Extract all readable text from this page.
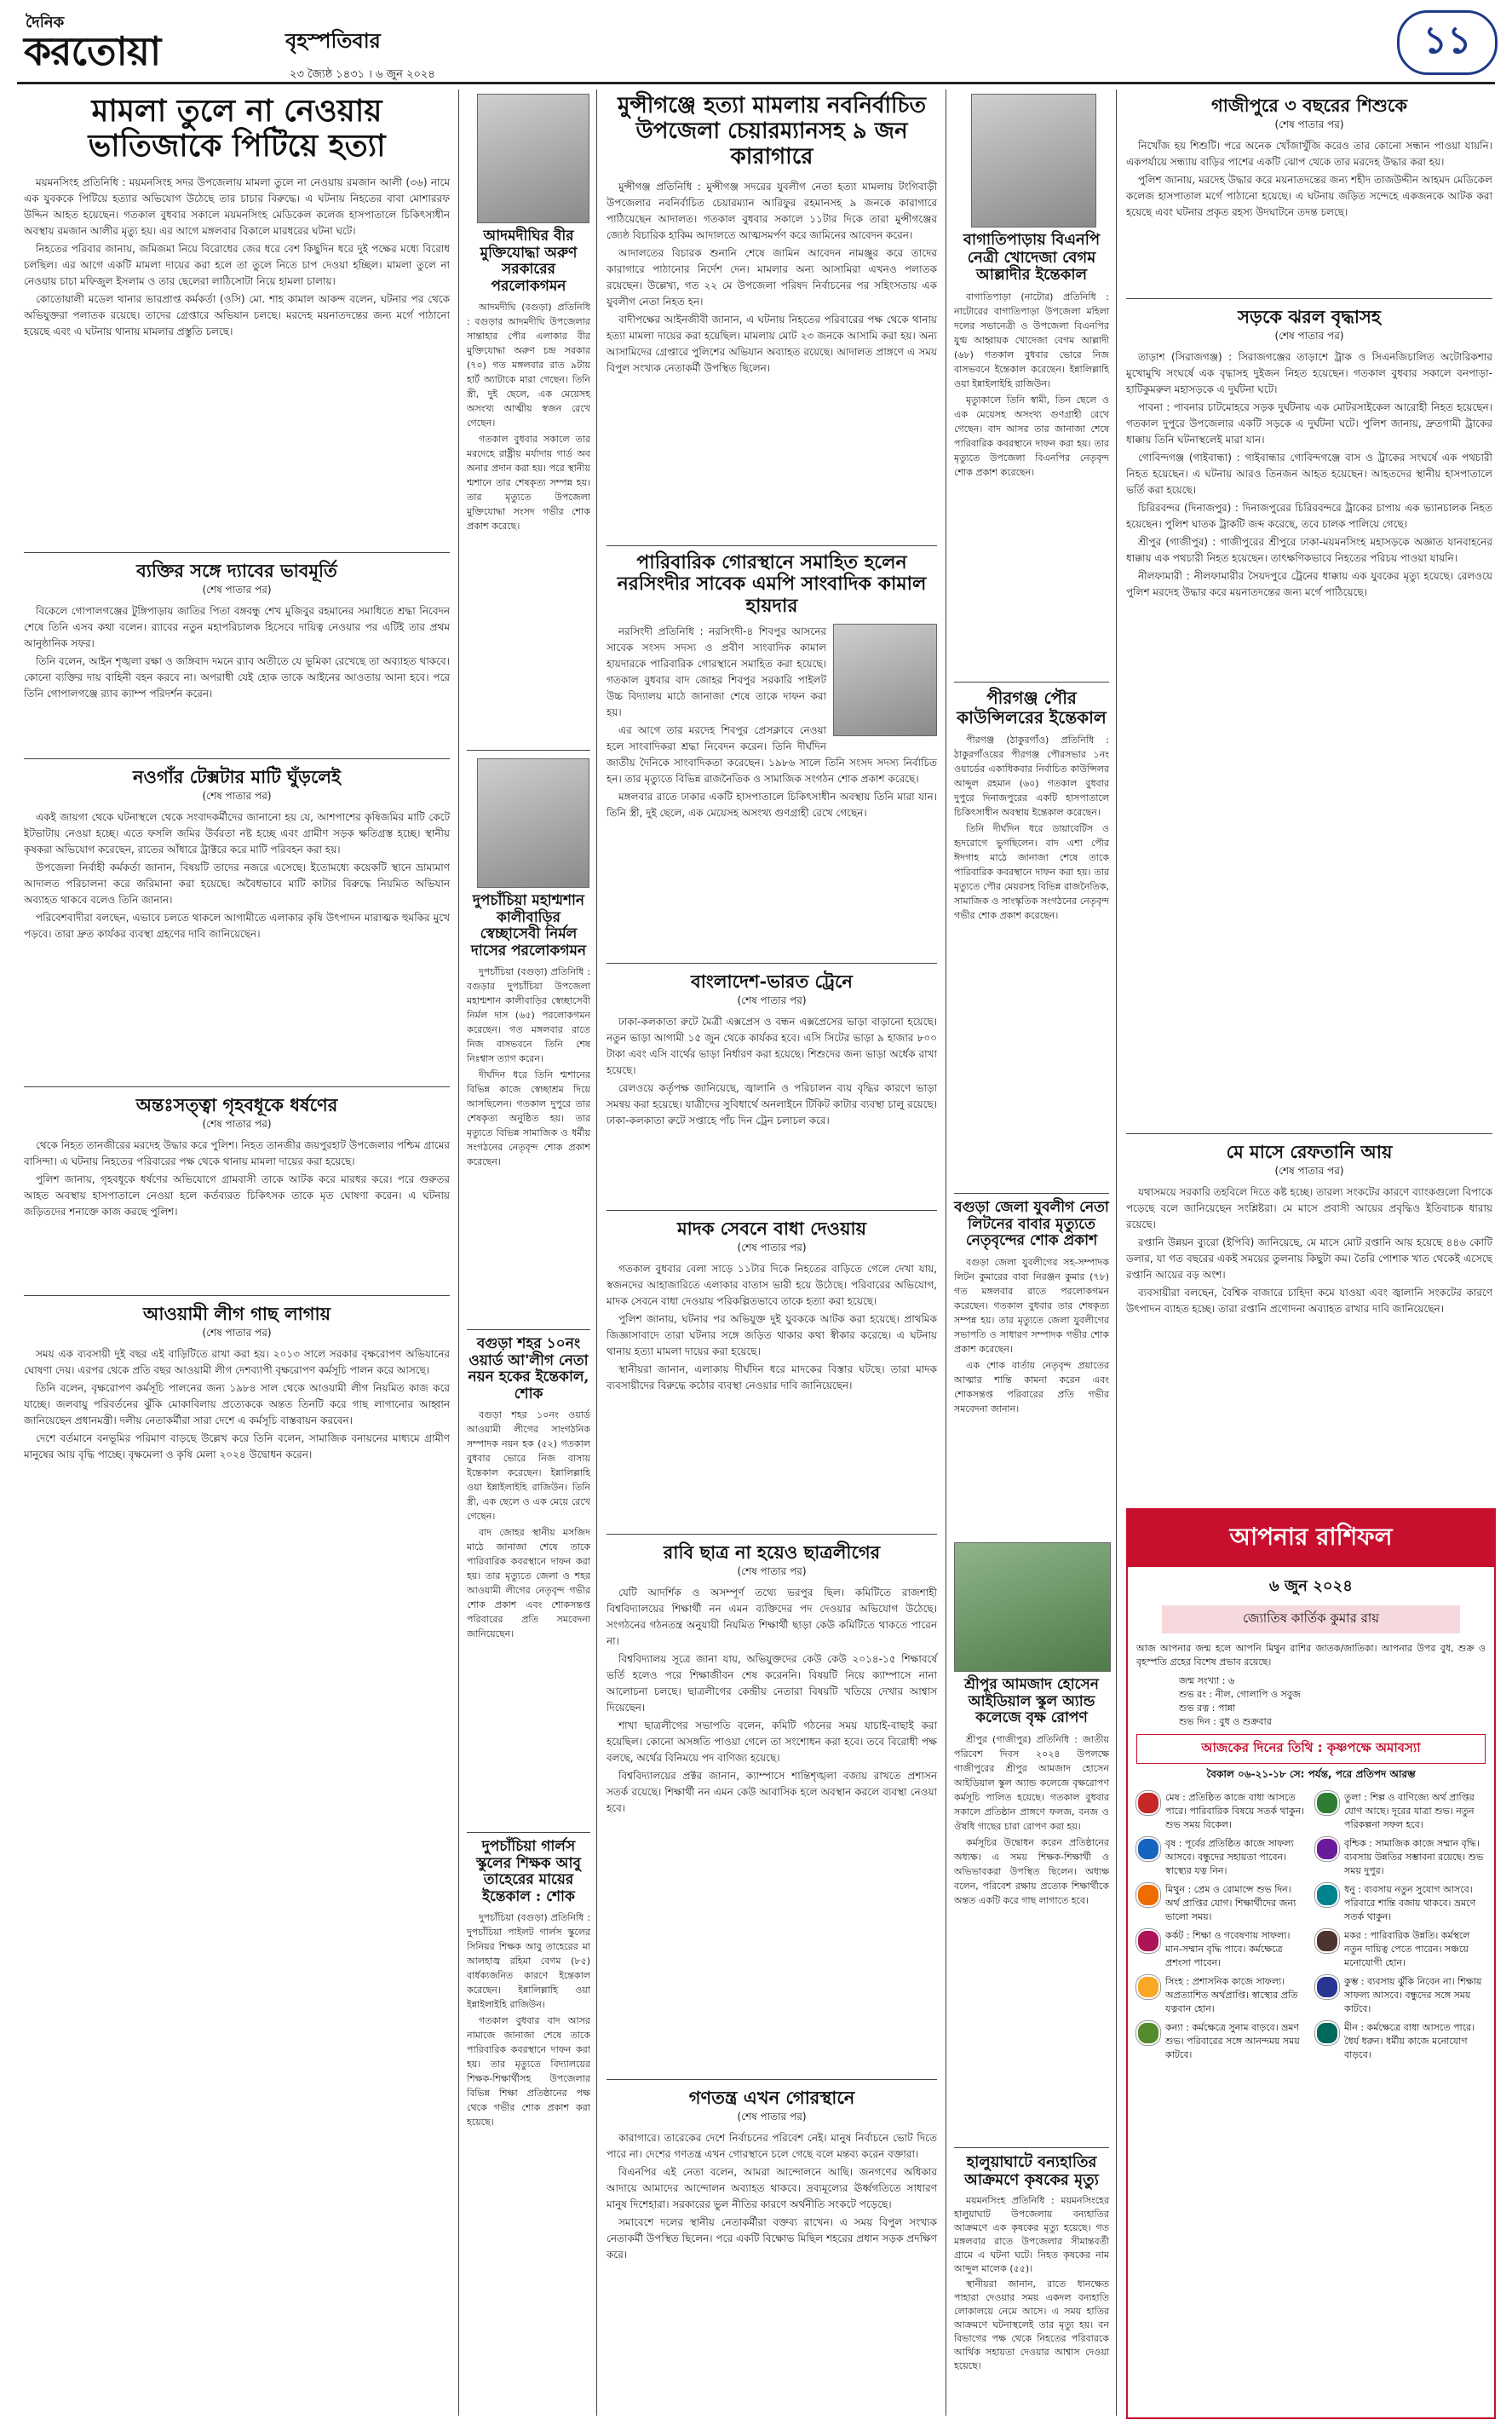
দৈনিক
করতোয়া	বৃহস্পতিবার
২৩ জ্যৈষ্ঠ ১৪৩১ । ৬ জুন ২০২৪
১১
মামলা তুলে না নেওয়ায় ভাতিজাকে পিটিয়ে হত্যা

ময়মনসিংহ প্রতিনিধি : ময়মনসিংহ সদর উপজেলায় মামলা তুলে না নেওয়ায় রমজান আলী (৩৬) নামে এক যুবককে পিটিয়ে হত্যার অভিযোগ উঠেছে তার চাচার বিরুদ্ধে। এ ঘটনায় নিহতের বাবা মোশাররফ উদ্দিন আহত হয়েছেন। গতকাল বুধবার সকালে ময়মনসিংহ মেডিকেল কলেজ হাসপাতালে চিকিৎসাধীন অবস্থায় রমজান আলীর মৃত্যু হয়। এর আগে মঙ্গলবার বিকালে মারধরের ঘটনা ঘটে।

নিহতের পরিবার জানায়, জমিজমা নিয়ে বিরোধের জের ধরে বেশ কিছুদিন ধরে দুই পক্ষের মধ্যে বিরোধ চলছিল। এর আগে একটি মামলা দায়ের করা হলে তা তুলে নিতে চাপ দেওয়া হচ্ছিল। মামলা তুলে না নেওয়ায় চাচা মফিজুল ইসলাম ও তার ছেলেরা লাঠিসোটা নিয়ে হামলা চালায়।

কোতোয়ালী মডেল থানার ভারপ্রাপ্ত কর্মকর্তা (ওসি) মো. শাহ কামাল আকন্দ বলেন, ঘটনার পর থেকে অভিযুক্তরা পলাতক রয়েছে। তাদের গ্রেপ্তারে অভিযান চলছে। মরদেহ ময়নাতদন্তের জন্য মর্গে পাঠানো হয়েছে এবং এ ঘটনায় থানায় মামলার প্রস্তুতি চলছে।

ব্যক্তির সঙ্গে দ্যাবের ভাবমূর্তি
(শেষ পাতার পর)

বিকেলে গোপালগঞ্জের টুঙ্গিপাড়ায় জাতির পিতা বঙ্গবন্ধু শেখ মুজিবুর রহমানের সমাধিতে শ্রদ্ধা নিবেদন শেষে তিনি এসব কথা বলেন। র‍্যাবের নতুন মহাপরিচালক হিসেবে দায়িত্ব নেওয়ার পর এটিই তার প্রথম আনুষ্ঠানিক সফর।

তিনি বলেন, আইন শৃঙ্খলা রক্ষা ও জঙ্গিবাদ দমনে র‍্যাব অতীতে যে ভূমিকা রেখেছে তা অব্যাহত থাকবে। কোনো ব্যক্তির দায় বাহিনী বহন করবে না। অপরাধী যেই হোক তাকে আইনের আওতায় আনা হবে। পরে তিনি গোপালগঞ্জে র‍্যাব ক্যাম্প পরিদর্শন করেন।

নওগাঁর টেক্সটার মাটি ঘুঁড়লেই
(শেষ পাতার পর)

একই জায়গা থেকে ঘটনাস্থলে থেকে সংবাদকর্মীদের জানানো হয় যে, আশপাশের কৃষিজমির মাটি কেটে ইটভাটায় নেওয়া হচ্ছে। এতে ফসলি জমির উর্বরতা নষ্ট হচ্ছে এবং গ্রামীণ সড়ক ক্ষতিগ্রস্ত হচ্ছে। স্থানীয় কৃষকরা অভিযোগ করেছেন, রাতের আঁধারে ট্রাক্টরে করে মাটি পরিবহন করা হয়।

উপজেলা নির্বাহী কর্মকর্তা জানান, বিষয়টি তাদের নজরে এসেছে। ইতোমধ্যে কয়েকটি স্থানে ভ্রাম্যমাণ আদালত পরিচালনা করে জরিমানা করা হয়েছে। অবৈধভাবে মাটি কাটার বিরুদ্ধে নিয়মিত অভিযান অব্যাহত থাকবে বলেও তিনি জানান।

পরিবেশবাদীরা বলছেন, এভাবে চলতে থাকলে আগামীতে এলাকার কৃষি উৎপাদন মারাত্মক হুমকির মুখে পড়বে। তারা দ্রুত কার্যকর ব্যবস্থা গ্রহণের দাবি জানিয়েছেন।

অন্তঃসত্ত্বা গৃহবধূকে ধর্ষণের
(শেষ পাতার পর)

থেকে নিহত তানজীরের মরদেহ উদ্ধার করে পুলিশ। নিহত তানজীর জয়পুরহাট উপজেলার পশ্চিম গ্রামের বাসিন্দা। এ ঘটনায় নিহতের পরিবারের পক্ষ থেকে থানায় মামলা দায়ের করা হয়েছে।

পুলিশ জানায়, গৃহবধূকে ধর্ষণের অভিযোগে গ্রামবাসী তাকে আটক করে মারধর করে। পরে গুরুতর আহত অবস্থায় হাসপাতালে নেওয়া হলে কর্তব্যরত চিকিৎসক তাকে মৃত ঘোষণা করেন। এ ঘটনায় জড়িতদের শনাক্তে কাজ করছে পুলিশ।

আওয়ামী লীগ গাছ লাগায়
(শেষ পাতার পর)

সময় এক ব্যবসায়ী দুই বছর এই বাড়িটিতে রাখা করা হয়। ২০১৩ সালে সরকার বৃক্ষরোপণ অভিযানের ঘোষণা দেয়। এরপর থেকে প্রতি বছর আওয়ামী লীগ দেশব্যাপী বৃক্ষরোপণ কর্মসূচি পালন করে আসছে।

তিনি বলেন, বৃক্ষরোপণ কর্মসূচি পালনের জন্য ১৯৮৪ সাল থেকে আওয়ামী লীগ নিয়মিত কাজ করে যাচ্ছে। জলবায়ু পরিবর্তনের ঝুঁকি মোকাবিলায় প্রত্যেককে অন্তত তিনটি করে গাছ লাগানোর আহ্বান জানিয়েছেন প্রধানমন্ত্রী। দলীয় নেতাকর্মীরা সারা দেশে এ কর্মসূচি বাস্তবায়ন করবেন।

দেশে বর্তমানে বনভূমির পরিমাণ বাড়ছে উল্লেখ করে তিনি বলেন, সামাজিক বনায়নের মাধ্যমে গ্রামীণ মানুষের আয় বৃদ্ধি পাচ্ছে। বৃক্ষমেলা ও কৃষি মেলা ২০২৪ উদ্বোধন করেন।

আদমদীঘির বীর মুক্তিযোদ্ধা অরুণ সরকারের পরলোকগমন

আদমদীঘি (বগুড়া) প্রতিনিধি : বগুড়ার আদমদীঘি উপজেলার সান্তাহার পৌর এলাকার বীর মুক্তিযোদ্ধা অরুণ চন্দ্র সরকার (৭০) গত মঙ্গলবার রাত ৯টায় হার্ট অ্যাটাকে মারা গেছেন। তিনি স্ত্রী, দুই ছেলে, এক মেয়েসহ অসংখ্য আত্মীয় স্বজন রেখে গেছেন।

গতকাল বুধবার সকালে তার মরদেহে রাষ্ট্রীয় মর্যাদায় গার্ড অব অনার প্রদান করা হয়। পরে স্থানীয় শ্মশানে তার শেষকৃত্য সম্পন্ন হয়। তার মৃত্যুতে উপজেলা মুক্তিযোদ্ধা সংসদ গভীর শোক প্রকাশ করেছে।

দুপচাঁচিয়া মহাশ্মশান কালীবাড়ির স্বেচ্ছাসেবী নির্মল দাসের পরলোকগমন

দুপচাঁচিয়া (বগুড়া) প্রতিনিধি : বগুড়ার দুপচাঁচিয়া উপজেলা মহাশ্মশান কালীবাড়ির স্বেচ্ছাসেবী নির্মল দাস (৬৫) পরলোকগমন করেছেন। গত মঙ্গলবার রাতে নিজ বাসভবনে তিনি শেষ নিঃশ্বাস ত্যাগ করেন।

দীর্ঘদিন ধরে তিনি শ্মশানের বিভিন্ন কাজে স্বেচ্ছাশ্রম দিয়ে আসছিলেন। গতকাল দুপুরে তার শেষকৃত্য অনুষ্ঠিত হয়। তার মৃত্যুতে বিভিন্ন সামাজিক ও ধর্মীয় সংগঠনের নেতৃবৃন্দ শোক প্রকাশ করেছেন।

বগুড়া শহর ১০নং ওয়ার্ড আ'লীগ নেতা নয়ন হকের ইন্তেকাল, শোক

বগুড়া শহর ১০নং ওয়ার্ড আওয়ামী লীগের সাংগঠনিক সম্পাদক নয়ন হক (৫২) গতকাল বুধবার ভোরে নিজ বাসায় ইন্তেকাল করেছেন। ইন্নালিল্লাহি ওয়া ইন্নাইলাইহি রাজিউন। তিনি স্ত্রী, এক ছেলে ও এক মেয়ে রেখে গেছেন।

বাদ জোহর স্থানীয় মসজিদ মাঠে জানাজা শেষে তাকে পারিবারিক কবরস্থানে দাফন করা হয়। তার মৃত্যুতে জেলা ও শহর আওয়ামী লীগের নেতৃবৃন্দ গভীর শোক প্রকাশ এবং শোকসন্তপ্ত পরিবারের প্রতি সমবেদনা জানিয়েছেন।

দুপচাঁচিয়া গার্লস স্কুলের শিক্ষক আবু তাহেরের মায়ের ইন্তেকাল : শোক

দুপচাঁচিয়া (বগুড়া) প্রতিনিধি : দুপচাঁচিয়া পাইলট গার্লস স্কুলের সিনিয়র শিক্ষক আবু তাহেরের মা আলহাজ্ব রহিমা বেগম (৮৫) বার্ধক্যজনিত কারণে ইন্তেকাল করেছেন। ইন্নালিল্লাহি ওয়া ইন্নাইলাইহি রাজিউন।

গতকাল বুধবার বাদ আসর নামাজে জানাজা শেষে তাকে পারিবারিক কবরস্থানে দাফন করা হয়। তার মৃত্যুতে বিদ্যালয়ের শিক্ষক-শিক্ষার্থীসহ উপজেলার বিভিন্ন শিক্ষা প্রতিষ্ঠানের পক্ষ থেকে গভীর শোক প্রকাশ করা হয়েছে।

মুন্সীগঞ্জে হত্যা মামলায় নবনির্বাচিত উপজেলা চেয়ারম্যানসহ ৯ জন কারাগারে

মুন্সীগঞ্জ প্রতিনিধি : মুন্সীগঞ্জ সদরের যুবলীগ নেতা হত্যা মামলায় টংগিবাড়ী উপজেলার নবনির্বাচিত চেয়ারম্যান আরিফুর রহমানসহ ৯ জনকে কারাগারে পাঠিয়েছেন আদালত। গতকাল বুধবার সকালে ১১টার দিকে তারা মুন্সীগঞ্জের জ্যেষ্ঠ বিচারিক হাকিম আদালতে আত্মসমর্পণ করে জামিনের আবেদন করেন।

আদালতের বিচারক শুনানি শেষে জামিন আবেদন নামঞ্জুর করে তাদের কারাগারে পাঠানোর নির্দেশ দেন। মামলার অন্য আসামিরা এখনও পলাতক রয়েছেন। উল্লেখ্য, গত ২২ মে উপজেলা পরিষদ নির্বাচনের পর সহিংসতায় এক যুবলীগ নেতা নিহত হন।

বাদীপক্ষের আইনজীবী জানান, এ ঘটনায় নিহতের পরিবারের পক্ষ থেকে থানায় হত্যা মামলা দায়ের করা হয়েছিল। মামলায় মোট ২৩ জনকে আসামি করা হয়। অন্য আসামিদের গ্রেপ্তারে পুলিশের অভিযান অব্যাহত রয়েছে। আদালত প্রাঙ্গণে এ সময় বিপুল সংখ্যক নেতাকর্মী উপস্থিত ছিলেন।

পারিবারিক গোরস্থানে সমাহিত হলেন নরসিংদীর সাবেক এমপি সাংবাদিক কামাল হায়দার

নরসিংদী প্রতিনিধি : নরসিংদী-৪ শিবপুর আসনের সাবেক সংসদ সদস্য ও প্রবীণ সাংবাদিক কামাল হায়দারকে পারিবারিক গোরস্থানে সমাহিত করা হয়েছে। গতকাল বুধবার বাদ জোহর শিবপুর সরকারি পাইলট উচ্চ বিদ্যালয় মাঠে জানাজা শেষে তাকে দাফন করা হয়।

এর আগে তার মরদেহ শিবপুর প্রেসক্লাবে নেওয়া হলে সাংবাদিকরা শ্রদ্ধা নিবেদন করেন। তিনি দীর্ঘদিন জাতীয় দৈনিকে সাংবাদিকতা করেছেন। ১৯৮৬ সালে তিনি সংসদ সদস্য নির্বাচিত হন। তার মৃত্যুতে বিভিন্ন রাজনৈতিক ও সামাজিক সংগঠন শোক প্রকাশ করেছে।

মঙ্গলবার রাতে ঢাকার একটি হাসপাতালে চিকিৎসাধীন অবস্থায় তিনি মারা যান। তিনি স্ত্রী, দুই ছেলে, এক মেয়েসহ অসংখ্য গুণগ্রাহী রেখে গেছেন।

বাংলাদেশ-ভারত ট্রেনে
(শেষ পাতার পর)

ঢাকা-কলকাতা রুটে মৈত্রী এক্সপ্রেস ও বন্ধন এক্সপ্রেসের ভাড়া বাড়ানো হয়েছে। নতুন ভাড়া আগামী ১৫ জুন থেকে কার্যকর হবে। এসি সিটের ভাড়া ৯ হাজার ৮০০ টাকা এবং এসি বার্থের ভাড়া নির্ধারণ করা হয়েছে। শিশুদের জন্য ভাড়া অর্ধেক রাখা হয়েছে।

রেলওয়ে কর্তৃপক্ষ জানিয়েছে, জ্বালানি ও পরিচালন ব্যয় বৃদ্ধির কারণে ভাড়া সমন্বয় করা হয়েছে। যাত্রীদের সুবিধার্থে অনলাইনে টিকিট কাটার ব্যবস্থা চালু রয়েছে। ঢাকা-কলকাতা রুটে সপ্তাহে পাঁচ দিন ট্রেন চলাচল করে।

মাদক সেবনে বাধা দেওয়ায়
(শেষ পাতার পর)

গতকাল বুধবার বেলা সাড়ে ১১টার দিকে নিহতের বাড়িতে গেলে দেখা যায়, স্বজনদের আহাজারিতে এলাকার বাতাস ভারী হয়ে উঠেছে। পরিবারের অভিযোগ, মাদক সেবনে বাধা দেওয়ায় পরিকল্পিতভাবে তাকে হত্যা করা হয়েছে।

পুলিশ জানায়, ঘটনার পর অভিযুক্ত দুই যুবককে আটক করা হয়েছে। প্রাথমিক জিজ্ঞাসাবাদে তারা ঘটনার সঙ্গে জড়িত থাকার কথা স্বীকার করেছে। এ ঘটনায় থানায় হত্যা মামলা দায়ের করা হয়েছে।

স্থানীয়রা জানান, এলাকায় দীর্ঘদিন ধরে মাদকের বিস্তার ঘটছে। তারা মাদক ব্যবসায়ীদের বিরুদ্ধে কঠোর ব্যবস্থা নেওয়ার দাবি জানিয়েছেন।

রাবি ছাত্র না হয়েও ছাত্রলীগের
(শেষ পাতার পর)

যেটি আদর্শিক ও অসম্পূর্ণ তথ্যে ভরপুর ছিল। কমিটিতে রাজশাহী বিশ্ববিদ্যালয়ের শিক্ষার্থী নন এমন ব্যক্তিদের পদ দেওয়ার অভিযোগ উঠেছে। সংগঠনের গঠনতন্ত্র অনুযায়ী নিয়মিত শিক্ষার্থী ছাড়া কেউ কমিটিতে থাকতে পারেন না।

বিশ্ববিদ্যালয় সূত্রে জানা যায়, অভিযুক্তদের কেউ কেউ ২০১৪-১৫ শিক্ষাবর্ষে ভর্তি হলেও পরে শিক্ষাজীবন শেষ করেননি। বিষয়টি নিয়ে ক্যাম্পাসে নানা আলোচনা চলছে। ছাত্রলীগের কেন্দ্রীয় নেতারা বিষয়টি খতিয়ে দেখার আশ্বাস দিয়েছেন।

শাখা ছাত্রলীগের সভাপতি বলেন, কমিটি গঠনের সময় যাচাই-বাছাই করা হয়েছিল। কোনো অসঙ্গতি পাওয়া গেলে তা সংশোধন করা হবে। তবে বিরোধী পক্ষ বলছে, অর্থের বিনিময়ে পদ বাণিজ্য হয়েছে।

বিশ্ববিদ্যালয়ের প্রক্টর জানান, ক্যাম্পাসে শান্তিশৃঙ্খলা বজায় রাখতে প্রশাসন সতর্ক রয়েছে। শিক্ষার্থী নন এমন কেউ আবাসিক হলে অবস্থান করলে ব্যবস্থা নেওয়া হবে।

গণতন্ত্র এখন গোরস্থানে
(শেষ পাতার পর)

কারাগারে। তারেকের দেশে নির্বাচনের পরিবেশ নেই। মানুষ নির্বাচনে ভোট দিতে পারে না। দেশের গণতন্ত্র এখন গোরস্থানে চলে গেছে বলে মন্তব্য করেন বক্তারা।

বিএনপির এই নেতা বলেন, আমরা আন্দোলনে আছি। জনগণের অধিকার আদায়ে আমাদের আন্দোলন অব্যাহত থাকবে। দ্রব্যমূল্যের ঊর্ধ্বগতিতে সাধারণ মানুষ দিশেহারা। সরকারের ভুল নীতির কারণে অর্থনীতি সংকটে পড়েছে।

সমাবেশে দলের স্থানীয় নেতাকর্মীরা বক্তব্য রাখেন। এ সময় বিপুল সংখ্যক নেতাকর্মী উপস্থিত ছিলেন। পরে একটি বিক্ষোভ মিছিল শহরের প্রধান সড়ক প্রদক্ষিণ করে।

বাগাতিপাড়ায় বিএনপি নেত্রী খোদেজা বেগম আল্লাদীর ইন্তেকাল

বাগাতিপাড়া (নাটোর) প্রতিনিধি : নাটোরের বাগাতিপাড়া উপজেলা মহিলা দলের সভানেত্রী ও উপজেলা বিএনপির যুগ্ম আহ্বায়ক খোদেজা বেগম আল্লাদী (৬৮) গতকাল বুধবার ভোরে নিজ বাসভবনে ইন্তেকাল করেছেন। ইন্নালিল্লাহি ওয়া ইন্নাইলাইহি রাজিউন।

মৃত্যুকালে তিনি স্বামী, তিন ছেলে ও এক মেয়েসহ অসংখ্য গুণগ্রাহী রেখে গেছেন। বাদ আসর তার জানাজা শেষে পারিবারিক কবরস্থানে দাফন করা হয়। তার মৃত্যুতে উপজেলা বিএনপির নেতৃবৃন্দ শোক প্রকাশ করেছেন।

পীরগঞ্জ পৌর কাউন্সিলরের ইন্তেকাল

পীরগঞ্জ (ঠাকুরগাঁও) প্রতিনিধি : ঠাকুরগাঁওয়ের পীরগঞ্জ পৌরসভার ১নং ওয়ার্ডের একাধিকবার নির্বাচিত কাউন্সিলর আব্দুল রহমান (৬০) গতকাল বুধবার দুপুরে দিনাজপুরের একটি হাসপাতালে চিকিৎসাধীন অবস্থায় ইন্তেকাল করেছেন।

তিনি দীর্ঘদিন ধরে ডায়াবেটিস ও হৃদরোগে ভুগছিলেন। বাদ এশা পৌর ঈদগাহ মাঠে জানাজা শেষে তাকে পারিবারিক কবরস্থানে দাফন করা হয়। তার মৃত্যুতে পৌর মেয়রসহ বিভিন্ন রাজনৈতিক, সামাজিক ও সাংস্কৃতিক সংগঠনের নেতৃবৃন্দ গভীর শোক প্রকাশ করেছেন।

বগুড়া জেলা যুবলীগ নেতা লিটনের বাবার মৃত্যুতে নেতৃবৃন্দের শোক প্রকাশ

বগুড়া জেলা যুবলীগের সহ-সম্পাদক লিটন কুমারের বাবা নিরঞ্জন কুমার (৭৮) গত মঙ্গলবার রাতে পরলোকগমন করেছেন। গতকাল বুধবার তার শেষকৃত্য সম্পন্ন হয়। তার মৃত্যুতে জেলা যুবলীগের সভাপতি ও সাধারণ সম্পাদক গভীর শোক প্রকাশ করেছেন।

এক শোক বার্তায় নেতৃবৃন্দ প্রয়াতের আত্মার শান্তি কামনা করেন এবং শোকসন্তপ্ত পরিবারের প্রতি গভীর সমবেদনা জানান।

শ্রীপুর আমজাদ হোসেন আইডিয়াল স্কুল অ্যান্ড কলেজে বৃক্ষ রোপণ

শ্রীপুর (গাজীপুর) প্রতিনিধি : জাতীয় পরিবেশ দিবস ২০২৪ উপলক্ষে গাজীপুরের শ্রীপুর আমজাদ হোসেন আইডিয়াল স্কুল অ্যান্ড কলেজে বৃক্ষরোপণ কর্মসূচি পালিত হয়েছে। গতকাল বুধবার সকালে প্রতিষ্ঠান প্রাঙ্গণে ফলজ, বনজ ও ঔষধি গাছের চারা রোপণ করা হয়।

কর্মসূচির উদ্বোধন করেন প্রতিষ্ঠানের অধ্যক্ষ। এ সময় শিক্ষক-শিক্ষার্থী ও অভিভাবকরা উপস্থিত ছিলেন। অধ্যক্ষ বলেন, পরিবেশ রক্ষায় প্রত্যেক শিক্ষার্থীকে অন্তত একটি করে গাছ লাগাতে হবে।

হালুয়াঘাটে বন্যহাতির আক্রমণে কৃষকের মৃত্যু

ময়মনসিংহ প্রতিনিধি : ময়মনসিংহের হালুয়াঘাট উপজেলায় বন্যহাতির আক্রমণে এক কৃষকের মৃত্যু হয়েছে। গত মঙ্গলবার রাতে উপজেলার সীমান্তবর্তী গ্রামে এ ঘটনা ঘটে। নিহত কৃষকের নাম আব্দুল মালেক (৫৫)।

স্থানীয়রা জানান, রাতে ধানক্ষেত পাহারা দেওয়ার সময় একদল বন্যহাতি লোকালয়ে নেমে আসে। এ সময় হাতির আক্রমণে ঘটনাস্থলেই তার মৃত্যু হয়। বন বিভাগের পক্ষ থেকে নিহতের পরিবারকে আর্থিক সহায়তা দেওয়ার আশ্বাস দেওয়া হয়েছে।

গাজীপুরে ৩ বছরের শিশুকে
(শেষ পাতার পর)

নিখোঁজ হয় শিশুটি। পরে অনেক খোঁজাখুঁজি করেও তার কোনো সন্ধান পাওয়া যায়নি। একপর্যায়ে সন্ধ্যায় বাড়ির পাশের একটি ঝোপ থেকে তার মরদেহ উদ্ধার করা হয়।

পুলিশ জানায়, মরদেহ উদ্ধার করে ময়নাতদন্তের জন্য শহীদ তাজউদ্দীন আহমদ মেডিকেল কলেজ হাসপাতাল মর্গে পাঠানো হয়েছে। এ ঘটনায় জড়িত সন্দেহে একজনকে আটক করা হয়েছে এবং ঘটনার প্রকৃত রহস্য উদঘাটনে তদন্ত চলছে।

সড়কে ঝরল বৃদ্ধাসহ
(শেষ পাতার পর)

তাড়াশ (সিরাজগঞ্জ) : সিরাজগঞ্জের তাড়াশে ট্রাক ও সিএনজিচালিত অটোরিকশার মুখোমুখি সংঘর্ষে এক বৃদ্ধাসহ দুইজন নিহত হয়েছেন। গতকাল বুধবার সকালে বনপাড়া-হাটিকুমরুল মহাসড়কে এ দুর্ঘটনা ঘটে।

পাবনা : পাবনার চাটমোহরে সড়ক দুর্ঘটনায় এক মোটরসাইকেল আরোহী নিহত হয়েছেন। গতকাল দুপুরে উপজেলার একটি সড়কে এ দুর্ঘটনা ঘটে। পুলিশ জানায়, দ্রুতগামী ট্রাকের ধাক্কায় তিনি ঘটনাস্থলেই মারা যান।

গোবিন্দগঞ্জ (গাইবান্ধা) : গাইবান্ধার গোবিন্দগঞ্জে বাস ও ট্রাকের সংঘর্ষে এক পথচারী নিহত হয়েছেন। এ ঘটনায় আরও তিনজন আহত হয়েছেন। আহতদের স্থানীয় হাসপাতালে ভর্তি করা হয়েছে।

চিরিরবন্দর (দিনাজপুর) : দিনাজপুরের চিরিরবন্দরে ট্রাকের চাপায় এক ভ্যানচালক নিহত হয়েছেন। পুলিশ ঘাতক ট্রাকটি জব্দ করেছে, তবে চালক পালিয়ে গেছে।

শ্রীপুর (গাজীপুর) : গাজীপুরের শ্রীপুরে ঢাকা-ময়মনসিংহ মহাসড়কে অজ্ঞাত যানবাহনের ধাক্কায় এক পথচারী নিহত হয়েছেন। তাৎক্ষণিকভাবে নিহতের পরিচয় পাওয়া যায়নি।

নীলফামারী : নীলফামারীর সৈয়দপুরে ট্রেনের ধাক্কায় এক যুবকের মৃত্যু হয়েছে। রেলওয়ে পুলিশ মরদেহ উদ্ধার করে ময়নাতদন্তের জন্য মর্গে পাঠিয়েছে।

মে মাসে রেফতানি আয়
(শেষ পাতার পর)

যথাসময়ে সরকারি তহবিলে দিতে কষ্ট হচ্ছে। তারল্য সংকটের কারণে ব্যাংকগুলো বিপাকে পড়েছে বলে জানিয়েছেন সংশ্লিষ্টরা। মে মাসে প্রবাসী আয়ের প্রবৃদ্ধিও ইতিবাচক ধারায় রয়েছে।

রপ্তানি উন্নয়ন ব্যুরো (ইপিবি) জানিয়েছে, মে মাসে মোট রপ্তানি আয় হয়েছে ৪৪৬ কোটি ডলার, যা গত বছরের একই সময়ের তুলনায় কিছুটা কম। তৈরি পোশাক খাত থেকেই এসেছে রপ্তানি আয়ের বড় অংশ।

ব্যবসায়ীরা বলছেন, বৈশ্বিক বাজারে চাহিদা কমে যাওয়া এবং জ্বালানি সংকটের কারণে উৎপাদন ব্যাহত হচ্ছে। তারা রপ্তানি প্রণোদনা অব্যাহত রাখার দাবি জানিয়েছেন।

আপনার রাশিফল
৬ জুন ২০২৪
জ্যোতিষ কার্তিক কুমার রায়
আজ আপনার জন্ম হলে আপনি মিথুন রাশির জাতক/জাতিকা। আপনার উপর বুধ, শুক্র ও বৃহস্পতি গ্রহের বিশেষ প্রভাব রয়েছে।
জন্ম সংখ্যা : ৬
শুভ রং : নীল, গোলাপি ও সবুজ
শুভ রত্ন : পান্না
শুভ দিন : বুধ ও শুক্রবার
আজকের দিনের তিথি : কৃষ্ণপক্ষে অমাবস্যা
বৈকাল ০৬-২১-১৮ সে: পর্যন্ত, পরে প্রতিপদ আরম্ভ
মেষ : প্রতিষ্ঠিত কাজে বাধা আসতে পারে। পারিবারিক বিষয়ে সতর্ক থাকুন। শুভ সময় বিকেল।
তুলা : শিল্প ও বাণিজ্যে অর্থ প্রাপ্তির যোগ আছে। দূরের যাত্রা শুভ। নতুন পরিকল্পনা সফল হবে।
বৃষ : পূর্বের প্রতিষ্ঠিত কাজে সাফল্য আসবে। বন্ধুদের সহায়তা পাবেন। স্বাস্থ্যের যত্ন নিন।
বৃশ্চিক : সামাজিক কাজে সম্মান বৃদ্ধি। ব্যবসায় উন্নতির সম্ভাবনা রয়েছে। শুভ সময় দুপুর।
মিথুন : প্রেম ও রোমান্সে শুভ দিন। অর্থ প্রাপ্তির যোগ। শিক্ষার্থীদের জন্য ভালো সময়।
ধনু : ব্যবসায় নতুন সুযোগ আসবে। পরিবারে শান্তি বজায় থাকবে। ভ্রমণে সতর্ক থাকুন।
কর্কট : শিক্ষা ও গবেষণায় সাফল্য। মান-সম্মান বৃদ্ধি পাবে। কর্মক্ষেত্রে প্রশংসা পাবেন।
মকর : পারিবারিক উন্নতি। কর্মস্থলে নতুন দায়িত্ব পেতে পারেন। সঞ্চয়ে মনোযোগী হোন।
সিংহ : প্রশাসনিক কাজে সাফল্য। অপ্রত্যাশিত অর্থপ্রাপ্তি। স্বাস্থ্যের প্রতি যত্নবান হোন।
কুম্ভ : ব্যবসায় ঝুঁকি নিবেন না। শিক্ষায় সাফল্য আসবে। বন্ধুদের সঙ্গে সময় কাটবে।
কন্যা : কর্মক্ষেত্রে সুনাম বাড়বে। ভ্রমণ শুভ। পরিবারের সঙ্গে আনন্দময় সময় কাটবে।
মীন : কর্মক্ষেত্রে বাধা আসতে পারে। ধৈর্য ধরুন। ধর্মীয় কাজে মনোযোগ বাড়বে।
